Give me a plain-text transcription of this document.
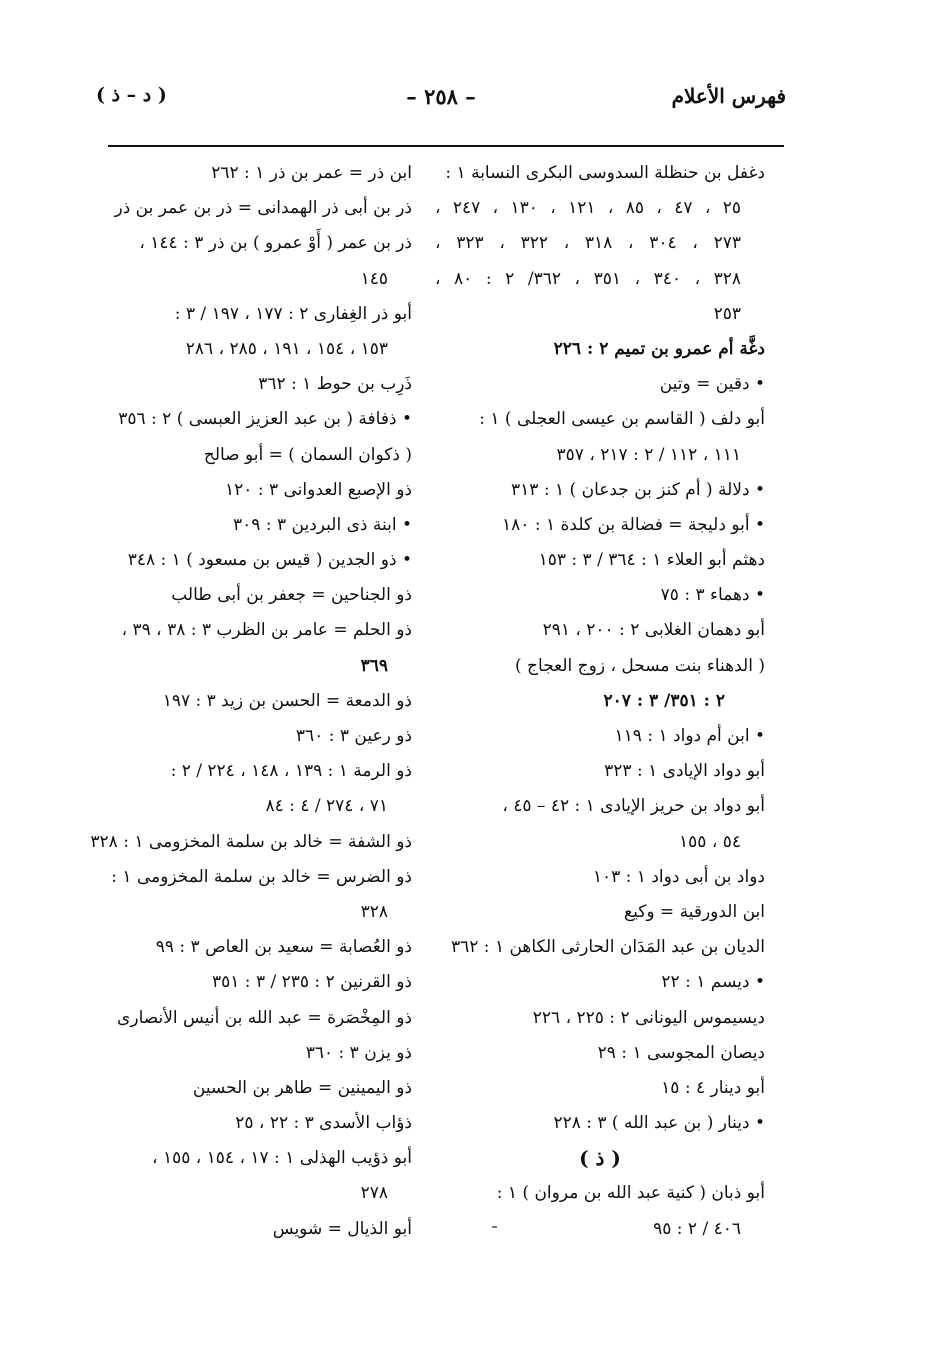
فهرس الأعلام
– ٢٥٨ –
( د – ذ )
دغفل بن حنظلة السدوسى البكرى النسابة ١ :
٢٥ ، ٤٧ ، ٨٥ ، ١٢١ ، ١٣٠ ، ٢٤٧ ،
٢٧٣ ، ٣٠٤ ، ٣١٨ ، ٣٢٢ ، ٣٢٣ ،
٣٢٨ ، ٣٤٠ ، ٣٥١ ، ٣٦٢/ ٢ : ٨٠ ،
٢٥٣
دغَّة أم عمرو بن تميم ٢ : ٢٢٦
• دقين = وتين
أبو دلف ( القاسم بن عيسى العجلى ) ١ :
١١١ ، ١١٢ / ٢ : ٢١٧ ، ٣٥٧
• دلالة ( أم كنز بن جدعان ) ١ : ٣١٣
• أبو دليجة = فضالة بن كلدة ١ : ١٨٠
دهثم أبو العلاء ١ : ٣٦٤ / ٣ : ١٥٣
• دهماء ٣ : ٧٥
أبو دهمان الغلابى ٢ : ٢٠٠ ، ٢٩١
( الدهناء بنت مسحل ، زوج العجاج )
٢ : ٣٥١/ ٣ : ٢٠٧
• ابن أم دواد ١ : ١١٩
أبو دواد الإيادى ١ : ٣٢٣
أبو دواد بن حريز الإيادى ١ : ٤٢ – ٤٥ ،
٥٤ ، ١٥٥
دواد بن أبى دواد ١ : ١٠٣
ابن الدورقية = وكيع
الديان بن عبد المَدَان الحارثى الكاهن ١ : ٣٦٢
• ديسم ١ : ٢٢
ديسيموس اليونانى ٢ : ٢٢٥ ، ٢٢٦
ديصان المجوسى ١ : ٢٩
أبو دينار ٤ : ١٥
• دينار ( بن عبد الله ) ٣ : ٢٢٨
( ذ )
أبو ذبان ( كنية عبد الله بن مروان ) ١ :
٤٠٦ / ٢ : ٩٥
ابن ذر = عمر بن ذر ١ : ٢٦٢
ذر بن أبى ذر الهمدانى = ذر بن عمر بن ذر
ذر بن عمر ( أَوْ عمرو ) بن ذر ٣ : ١٤٤ ،
١٤٥
أبو ذر الغِفارى ٢ : ١٧٧ ، ١٩٧ / ٣ :
١٥٣ ، ١٥٤ ، ١٩١ ، ٢٨٥ ، ٢٨٦
ذَرِب بن حوط ١ : ٣٦٢
• ذفافة ( بن عبد العزيز العبسى ) ٢ : ٣٥٦
( ذكوان السمان ) = أبو صالح
ذو الإصبع العدوانى ٣ : ١٢٠
• ابنة ذى البردين ٣ : ٣٠٩
• ذو الجدين ( قيس بن مسعود ) ١ : ٣٤٨
ذو الجناحين = جعفر بن أبى طالب
ذو الحلم = عامر بن الظرب ٣ : ٣٨ ، ٣٩ ،
٣٦٩
ذو الدمعة = الحسن بن زيد ٣ : ١٩٧
ذو رعين ٣ : ٣٦٠
ذو الرمة ١ : ١٣٩ ، ١٤٨ ، ٢٢٤ / ٢ :
٧١ ، ٢٧٤ / ٤ : ٨٤
ذو الشفة = خالد بن سلمة المخزومى ١ : ٣٢٨
ذو الضرس = خالد بن سلمة المخزومى ١ :
٣٢٨
ذو العُصابة = سعيد بن العاص ٣ : ٩٩
ذو القرنين ٢ : ٢٣٥ / ٣ : ٣٥١
ذو المِخْصَرة = عبد الله بن أنيس الأنصارى
ذو يزن ٣ : ٣٦٠
ذو اليمينين = طاهر بن الحسين
ذؤاب الأسدى ٣ : ٢٢ ، ٢٥
أبو ذؤيب الهذلى ١ : ١٧ ، ١٥٤ ، ١٥٥ ،
٢٧٨
أبو الذيال = شويس
